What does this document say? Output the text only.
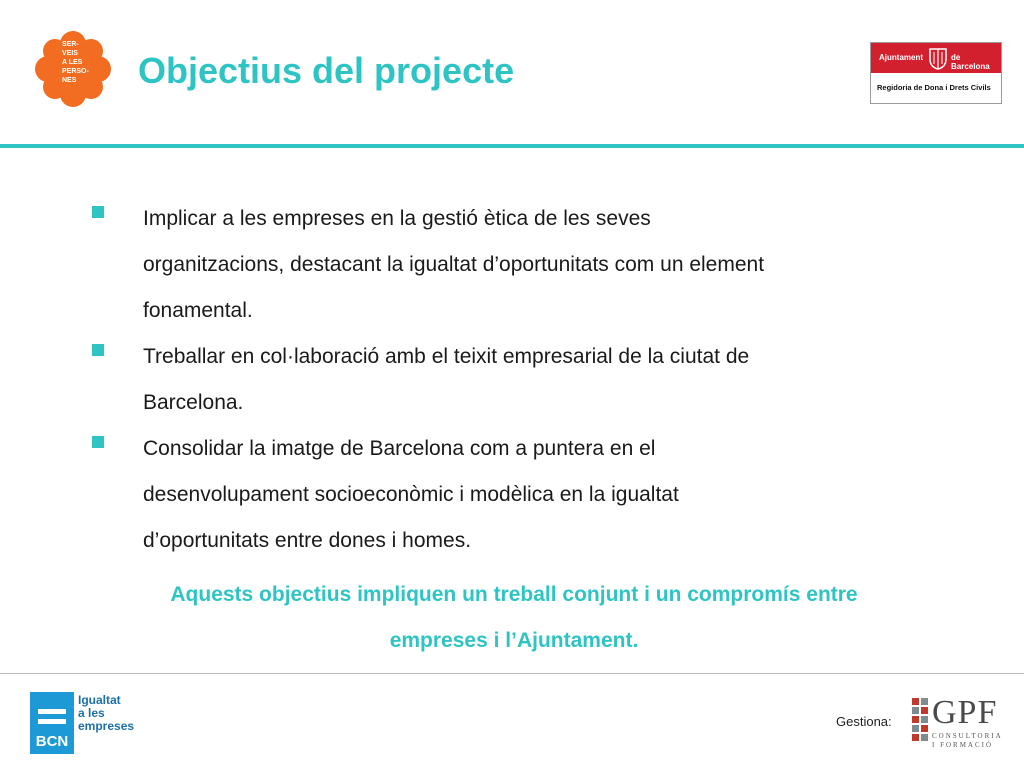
SER-
VEIS
A LES
PERSO-
NES Objectius del projecte	Ajuntament	de Barcelona
Regidoria de Dona i Drets Civils
Implicar a les empreses en la gestió ètica de les seves
organitzacions, destacant la igualtat d’oportunitats com un element
fonamental.
Treballar en col·laboració amb el teixit empresarial de la ciutat de
Barcelona.
Consolidar la imatge de Barcelona com a puntera en el
desenvolupament socioeconòmic i modèlica en la igualtat
d’oportunitats entre dones i homes.

Aquests objectius impliquen un treball conjunt i un compromís entre
empreses i l’Ajuntament.

BCN
Igualtat
a les
empreses	Gestiona: GPF
CONSULTORIA
I FORMACIÓ
